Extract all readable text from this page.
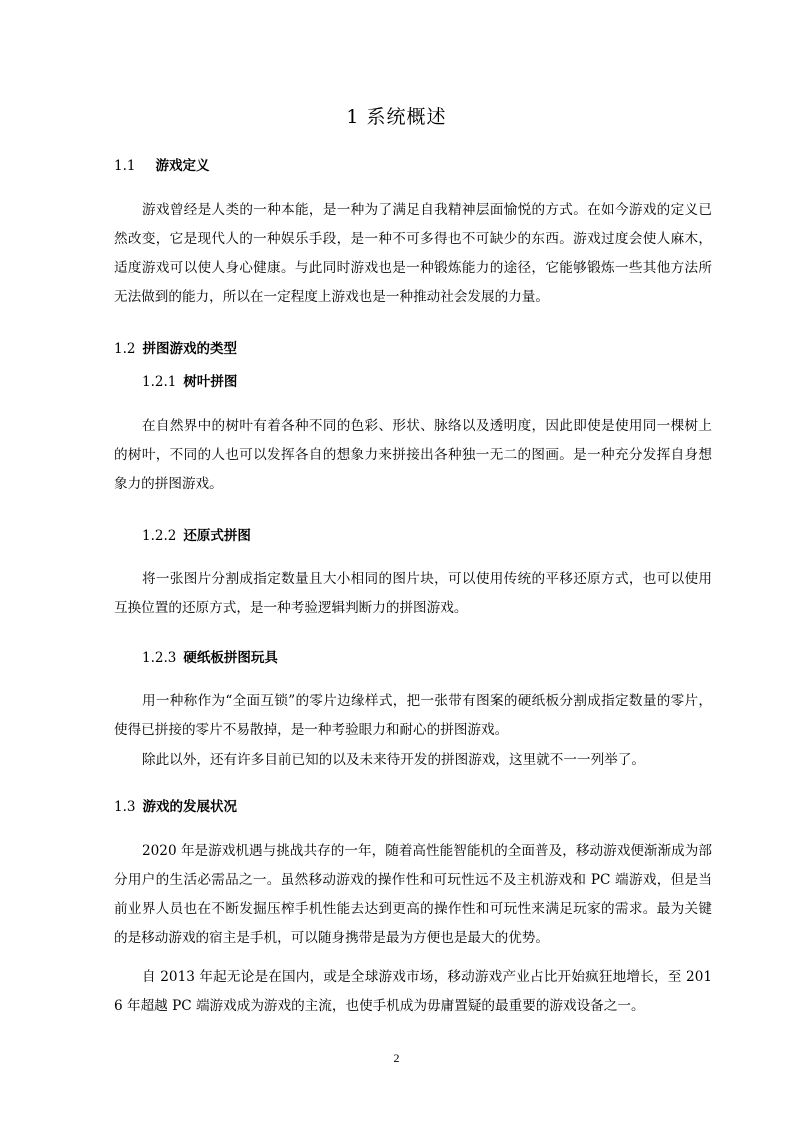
1 系统概述
1.1 游戏定义
游戏曾经是人类的一种本能，是一种为了满足自我精神层面愉悦的方式。在如今游戏的定义已然改变，它是现代人的一种娱乐手段，是一种不可多得也不可缺少的东西。游戏过度会使人麻木，适度游戏可以使人身心健康。与此同时游戏也是一种锻炼能力的途径，它能够锻炼一些其他方法所无法做到的能力，所以在一定程度上游戏也是一种推动社会发展的力量。
1.2 拼图游戏的类型
1.2.1 树叶拼图
在自然界中的树叶有着各种不同的色彩、形状、脉络以及透明度，因此即使是使用同一棵树上的树叶，不同的人也可以发挥各自的想象力来拼接出各种独一无二的图画。是一种充分发挥自身想象力的拼图游戏。
1.2.2 还原式拼图
将一张图片分割成指定数量且大小相同的图片块，可以使用传统的平移还原方式，也可以使用互换位置的还原方式，是一种考验逻辑判断力的拼图游戏。
1.2.3 硬纸板拼图玩具
用一种称作为“全面互锁”的零片边缘样式，把一张带有图案的硬纸板分割成指定数量的零片，使得已拼接的零片不易散掉，是一种考验眼力和耐心的拼图游戏。
除此以外，还有许多目前已知的以及未来待开发的拼图游戏，这里就不一一列举了。
1.3 游戏的发展状况
2020 年是游戏机遇与挑战共存的一年，随着高性能智能机的全面普及，移动游戏便渐渐成为部分用户的生活必需品之一。虽然移动游戏的操作性和可玩性远不及主机游戏和 PC 端游戏，但是当前业界人员也在不断发掘压榨手机性能去达到更高的操作性和可玩性来满足玩家的需求。最为关键的是移动游戏的宿主是手机，可以随身携带是最为方便也是最大的优势。
自 2013 年起无论是在国内，或是全球游戏市场，移动游戏产业占比开始疯狂地增长，至 2016 年超越 PC 端游戏成为游戏的主流，也使手机成为毋庸置疑的最重要的游戏设备之一。
2
